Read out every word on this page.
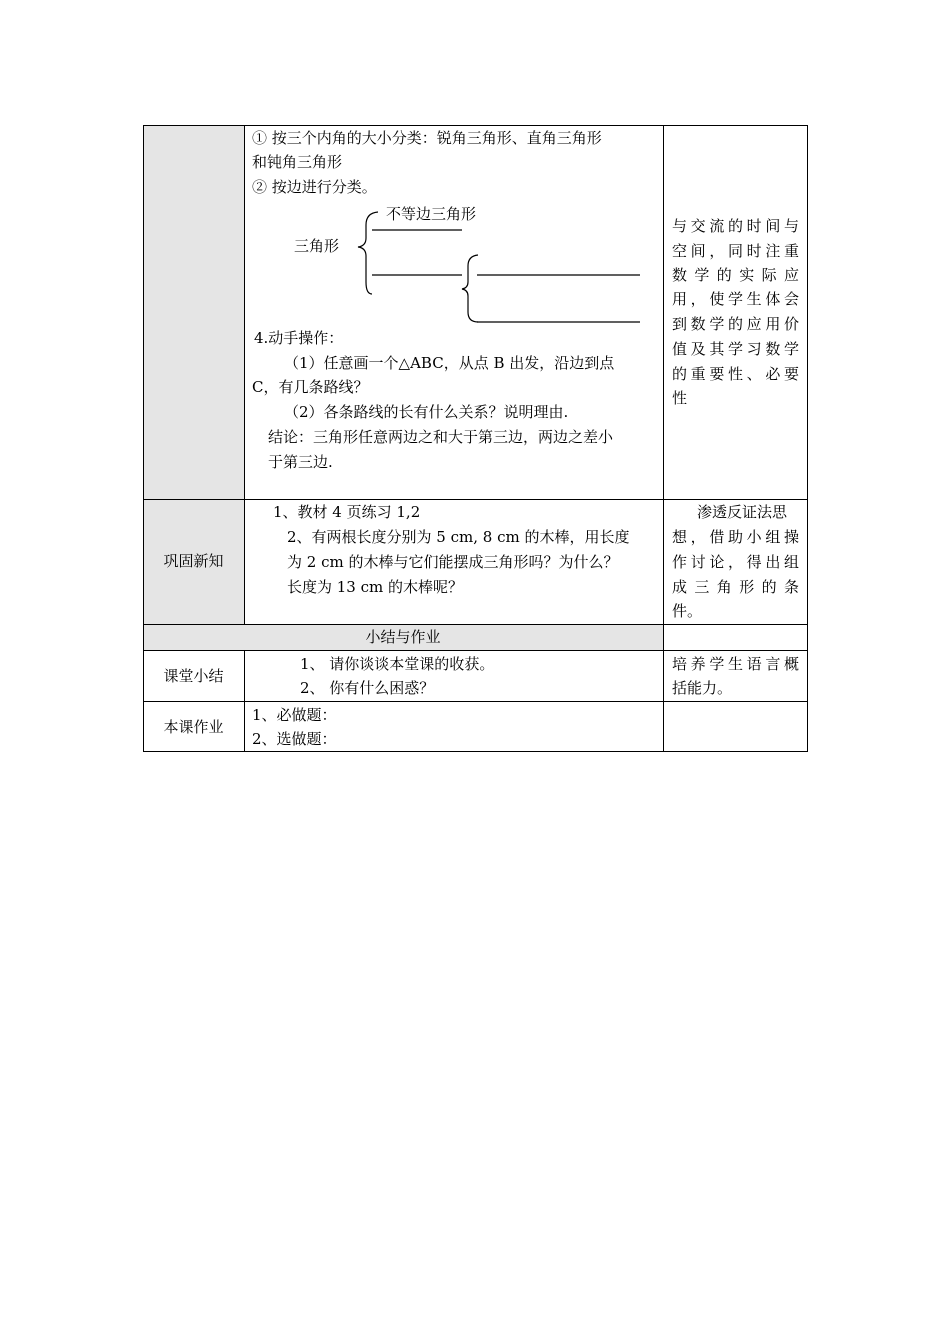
① 按三个内角的大小分类：锐角三角形、直角三角形
和钝角三角形
② 按边进行分类。
不等边三角形
三角形
4.动手操作：
（1）任意画一个△ABC，从点 B 出发，沿边到点
C，有几条路线？
（2）各条路线的长有什么关系？说明理由.
结论：三角形任意两边之和大于第三边，两边之差小
于第三边.
与交流的时间与
空间，同时注重
数学的实际应
用，使学生体会
到数学的应用价
值及其学习数学
的重要性、必要
性
巩固新知
1、教材 4 页练习 1,2
2、有两根长度分别为 5 cm, 8 cm 的木棒，用长度
为 2 cm 的木棒与它们能摆成三角形吗？为什么？
长度为 13 cm 的木棒呢？
渗透反证法思
想，借助小组操
作讨论，得出组
成三角形的条
件。
小结与作业
课堂小结
1、 请你谈谈本堂课的收获。
2、 你有什么困惑？
培养学生语言概
括能力。
本课作业
1、必做题：
2、选做题：
